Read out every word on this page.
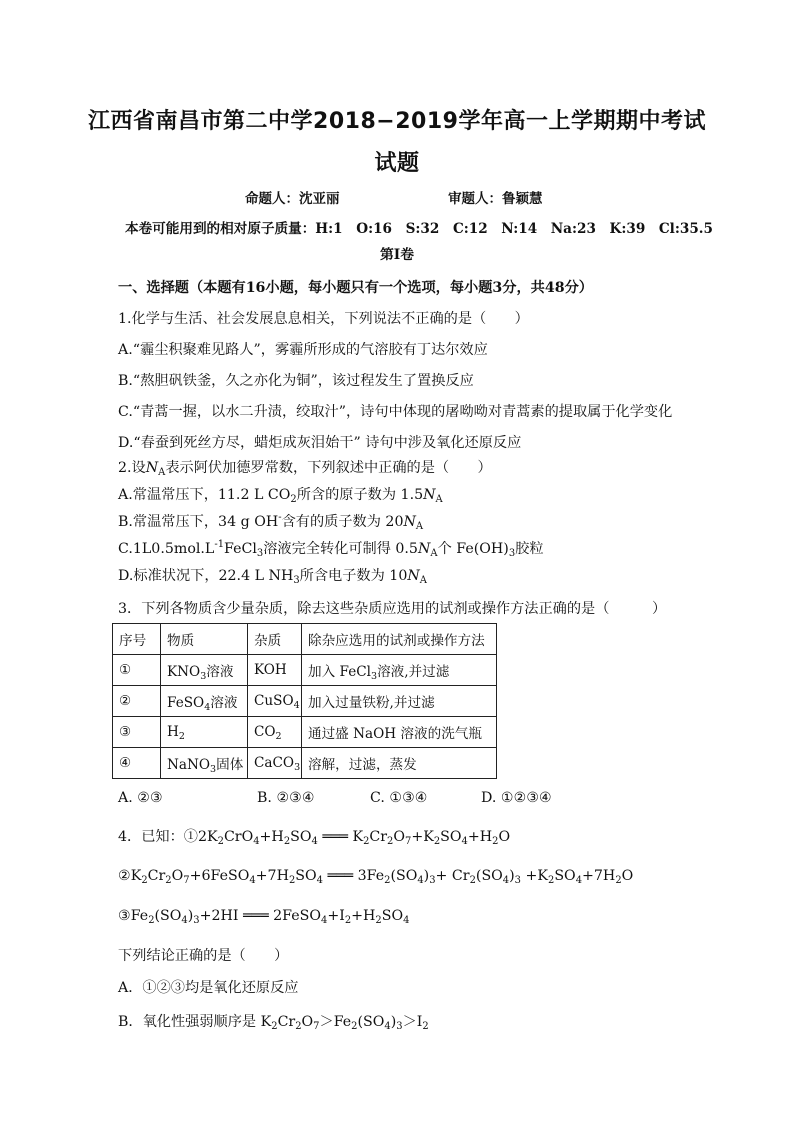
江西省南昌市第二中学2018−2019学年高一上学期期中考试
试题
命题人：沈亚丽	审题人：鲁颖慧
本卷可能用到的相对原子质量：H:1　O:16　S:32　C:12　N:14　Na:23　K:39　Cl:35.5
第Ⅰ卷
一、选择题（本题有16小题，每小题只有一个选项，每小题3分，共48分）
1.化学与生活、社会发展息息相关，下列说法不正确的是（　　）
A.“霾尘积聚难见路人”，雾霾所形成的气溶胶有丁达尔效应
B.“熬胆矾铁釜，久之亦化为铜”，该过程发生了置换反应
C.“青蒿一握，以水二升渍，绞取汁”，诗句中体现的屠呦呦对青蒿素的提取属于化学变化
D.“春蚕到死丝方尽，蜡炬成灰泪始干” 诗句中涉及氧化还原反应
2.设$N_A$表示阿伏加德罗常数，下列叙述中正确的是（　　）
A.常温常压下，11.2 L $CO_2$所含的原子数为 $1.5N_A$
B.常温常压下，34 g OH-含有的质子数为 $20N_A$
$C.1L0.5mol.L^{-1}FeCl_3$溶液完全转化可制得 $0.5N_A$个 $Fe(OH)_3$胶粒
D.标准状况下，22.4 L $NH_3$所含电子数为 $10N_A$
3．下列各物质含少量杂质，除去这些杂质应选用的试剂或操作方法正确的是（　　　）
序号	物质	杂质	除杂应选用的试剂或操作方法
①	$KNO_3$溶液	KOH	加入 FeCl$_3$溶液,并过滤
②	FeSO$_4$溶液	CuSO$_4$	加入过量铁粉,并过滤
③	$H_2$	$CO_2$	通过盛 NaOH 溶液的洗气瓶
④	NaNO$_3$固体	CaCO$_3$	溶解，过滤，蒸发
A. ②③	B. ②③④	C. ①③④	D. ①②③④
4．已知：$①2K_2CrO_4+H_2SO_4$ ═══ $K_2Cr_2O_7+K_2SO_4+H_2O$
$②K_2Cr_2O_7+6FeSO_4+7H_2SO_4$ ═══ $3Fe_2(SO_4)_3+ Cr_2(SO_4)_3 +K_2SO_4+7H_2O$
$③Fe_2(SO_4)_3+2HI$ ═══ $2FeSO_4+I_2+H_2SO_4$
下列结论正确的是（　　）
A．①②③均是氧化还原反应
B．氧化性强弱顺序是 $K_2Cr_2O_7>Fe_2(SO_4)_3>I_2$
